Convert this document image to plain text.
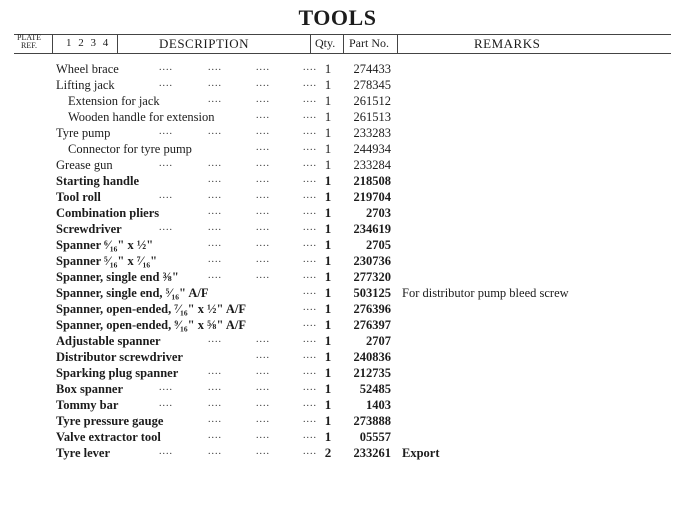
TOOLS
PLATE
REF.	1 2 3 4	DESCRIPTION	Qty. Part No.	REMARKS
Wheel brace	....	....	....	.... 1	274433
Lifting jack	....	....	....	.... 1	278345
Extension for jack	....	....	.... 1	261512
Wooden handle for extension	....	.... 1	261513
Tyre pump	....	....	....	.... 1	233283
Connector for tyre pump	....	.... 1	244934
Grease gun	....	....	....	.... 1	233284
Starting handle	....	....	.... 1	218508
Tool roll	....	....	....	.... 1	219704
Combination pliers	....	....	.... 1	2703
Screwdriver	....	....	....	.... 1	234619
Spanner ⁶⁄₁₆" x ½"	....	....	.... 1	2705
Spanner ⁵⁄₁₆" x ⁷⁄₁₆"	....	....	.... 1	230736
Spanner, single end ⅜"	....	....	.... 1	277320
Spanner, single end, ⁵⁄₁₆" A/F	.... 1	503125 For distributor pump bleed screw
Spanner, open-ended, ⁷⁄₁₆" x ½" A/F	.... 1	276396
Spanner, open-ended, ⁹⁄₁₆" x ⅝" A/F	.... 1	276397
Adjustable spanner	....	....	.... 1	2707
Distributor screwdriver	....	.... 1	240836
Sparking plug spanner	....	....	.... 1	212735
Box spanner	....	....	....	.... 1	52485
Tommy bar	....	....	....	.... 1	1403
Tyre pressure gauge	....	....	.... 1	273888
Valve extractor tool	....	....	.... 1	05557
Tyre lever	....	....	....	.... 2	233261 Export
